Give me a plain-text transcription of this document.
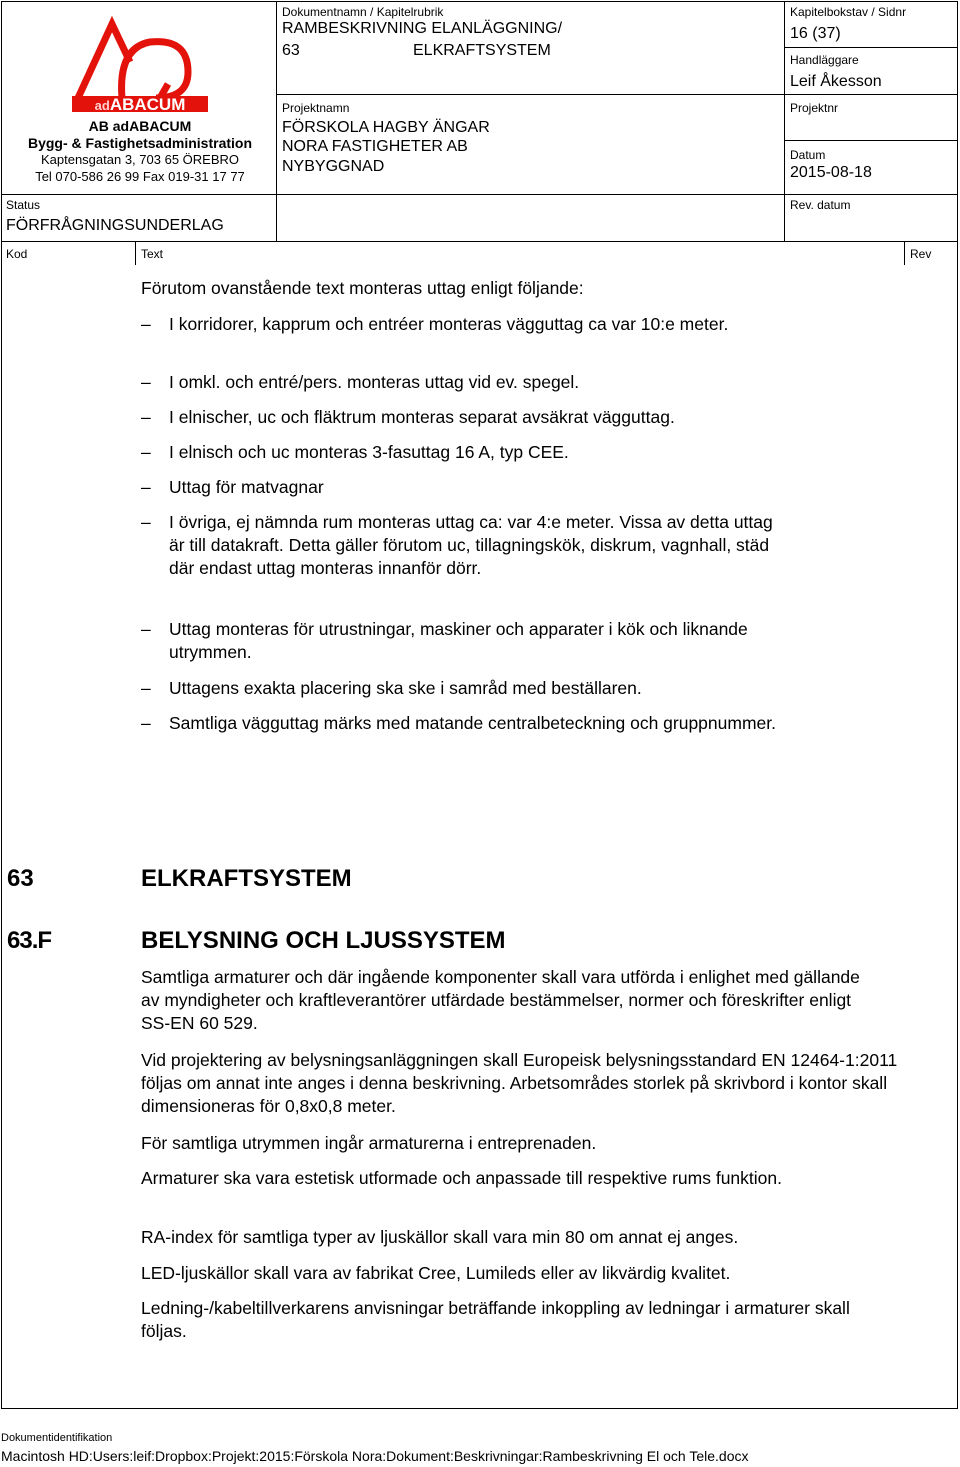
adABACUM
AB adABACUM
Bygg- & Fastighetsadministration
Kaptensgatan 3, 703 65 ÖREBRO
Tel 070-586 26 99 Fax 019-31 17 77
Dokumentnamn / Kapitelrubrik
RAMBESKRIVNING ELANLÄGGNING/
63	ELKRAFTSYSTEM
Kapitelbokstav / Sidnr
16 (37)
Handläggare
Leif Åkesson
Projektnamn
FÖRSKOLA HAGBY ÄNGAR
NORA FASTIGHETER AB
NYBYGGNAD
Projektnr
Datum
2015-08-18
Status
FÖRFRÅGNINGSUNDERLAG
Rev. datum
Kod	Text	Rev
Förutom ovanstående text monteras uttag enligt följande:
– I korridorer, kapprum och entréer monteras vägguttag ca var 10:e meter.
– I omkl. och entré/pers. monteras uttag vid ev. spegel.
– I elnischer, uc och fläktrum monteras separat avsäkrat vägguttag.
– I elnisch och uc monteras 3-fasuttag 16 A, typ CEE.
– Uttag för matvagnar
– I övriga, ej nämnda rum monteras uttag ca: var 4:e meter. Vissa av detta uttag är till datakraft. Detta gäller förutom uc, tillagningskök, diskrum, vagnhall, städ där endast uttag monteras innanför dörr.
– Uttag monteras för utrustningar, maskiner och apparater i kök och liknande utrymmen.
– Uttagens exakta placering ska ske i samråd med beställaren.
– Samtliga vägguttag märks med matande centralbeteckning och gruppnummer.
63	ELKRAFTSYSTEM
63.F	BELYSNING OCH LJUSSYSTEM
Samtliga armaturer och där ingående komponenter skall vara utförda i enlighet med gällande av myndigheter och kraftleverantörer utfärdade bestämmelser, normer och föreskrifter enligt SS-EN 60 529.
Vid projektering av belysningsanläggningen skall Europeisk belysningsstandard EN 12464-1:2011 följas om annat inte anges i denna beskrivning. Arbetsområdes storlek på skrivbord i kontor skall dimensioneras för 0,8x0,8 meter.
För samtliga utrymmen ingår armaturerna i entreprenaden.
Armaturer ska vara estetisk utformade och anpassade till respektive rums funktion.
RA-index för samtliga typer av ljuskällor skall vara min 80 om annat ej anges.
LED-ljuskällor skall vara av fabrikat Cree, Lumileds eller av likvärdig kvalitet.
Ledning-/kabeltillverkarens anvisningar beträffande inkoppling av ledningar i armaturer skall följas.
Dokumentidentifikation
Macintosh HD:Users:leif:Dropbox:Projekt:2015:Förskola Nora:Dokument:Beskrivningar:Rambeskrivning El och Tele.docx
